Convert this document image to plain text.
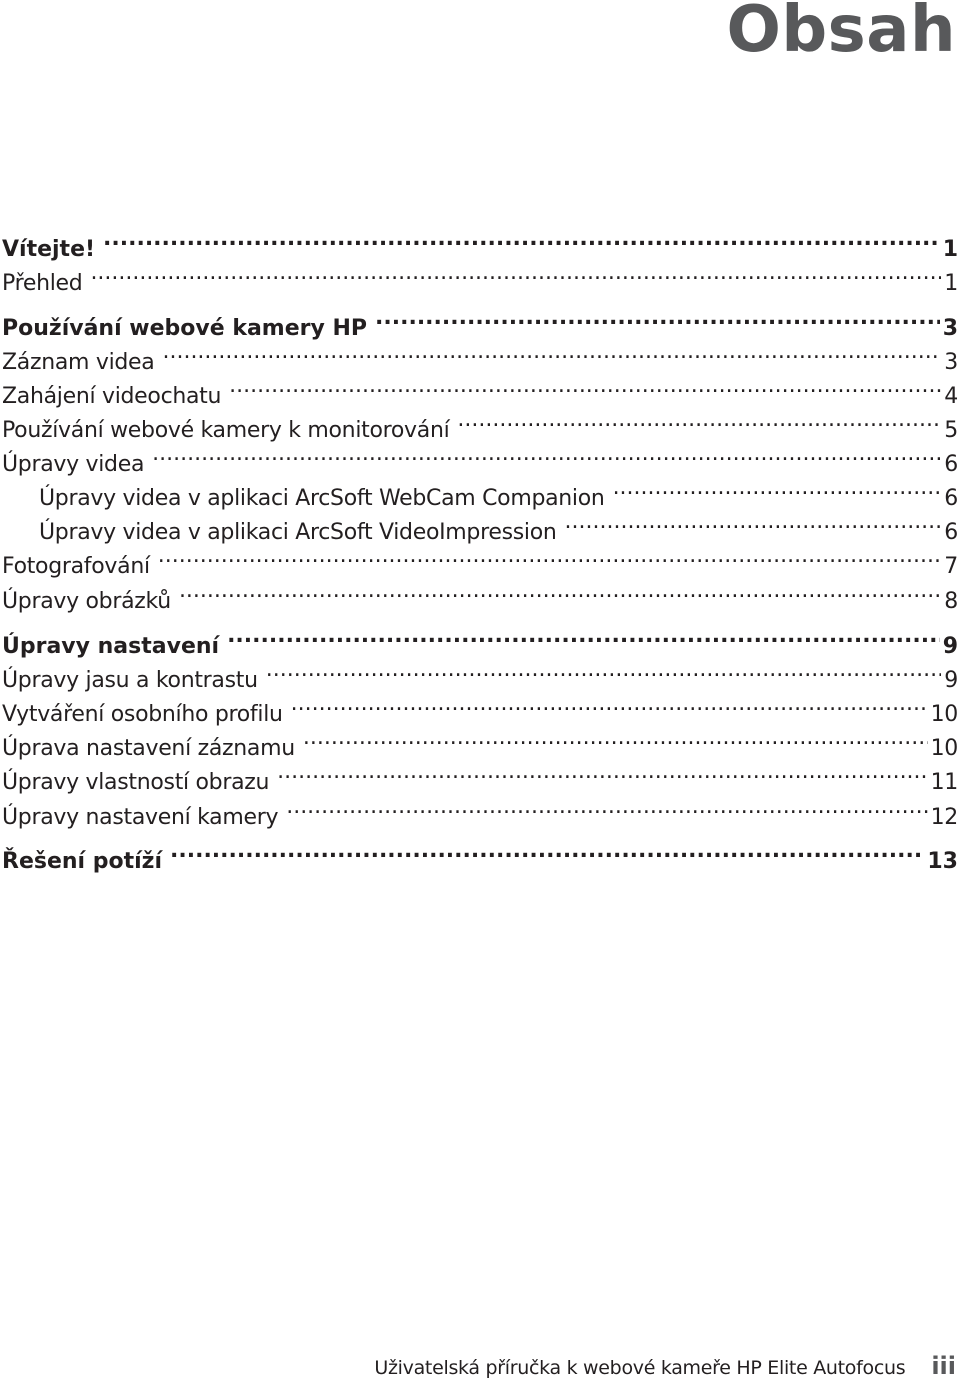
Obsah
Vítejte! .....	1
Přehled .....	1
Používání webové kamery HP .....	3
Záznam videa .....	3
Zahájení videochatu .....	4
Používání webové kamery k monitorování .....	5
Úpravy videa .....	6
Úpravy videa v aplikaci ArcSoft WebCam Companion .....	6
Úpravy videa v aplikaci ArcSoft VideoImpression .....	6
Fotografování .....	7
Úpravy obrázků .....	8
Úpravy nastavení .....	9
Úpravy jasu a kontrastu .....	9
Vytváření osobního profilu .....	10
Úprava nastavení záznamu .....	10
Úpravy vlastností obrazu .....	11
Úpravy nastavení kamery .....	12
Řešení potíží .....	13
Uživatelská příručka k webové kameře HP Elite Autofocus iii
